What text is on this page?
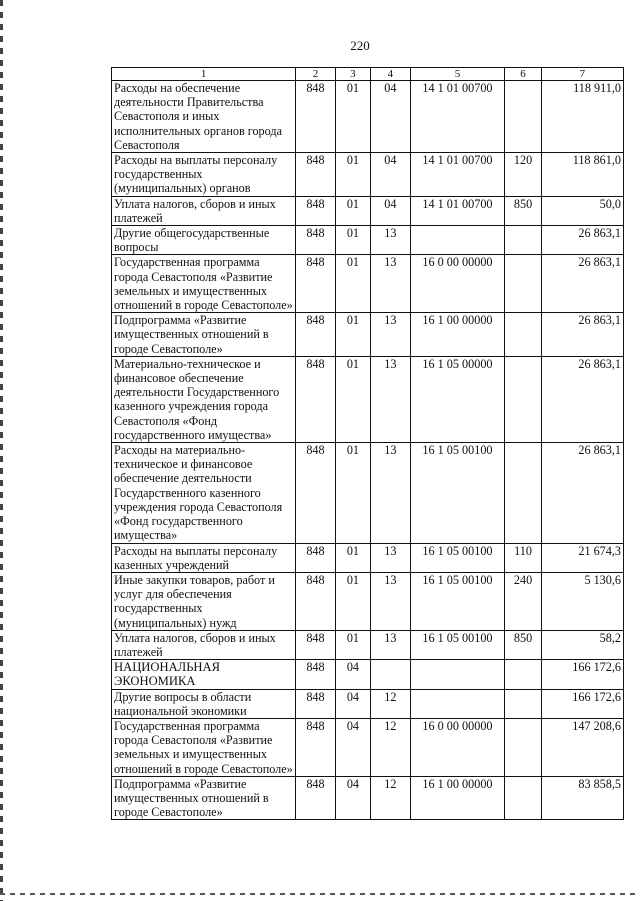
220
1	2	3	4	5	6	7
Расходы на обеспечение деятельности Правительства Севастополя и иных исполнительных органов города Севастополя	848	01	04	14 1 01 00700		118 911,0
Расходы на выплаты персоналу государственных (муниципальных) органов	848	01	04	14 1 01 00700	120	118 861,0
Уплата налогов, сборов и иных платежей	848	01	04	14 1 01 00700	850	50,0
Другие общегосударственные вопросы	848	01	13			26 863,1
Государственная программа города Севастополя «Развитие земельных и имущественных отношений в городе Севастополе»	848	01	13	16 0 00 00000		26 863,1
Подпрограмма «Развитие имущественных отношений в городе Севастополе»	848	01	13	16 1 00 00000		26 863,1
Материально-техническое и финансовое обеспечение деятельности Государственного казенного учреждения города Севастополя «Фонд государственного имущества»	848	01	13	16 1 05 00000		26 863,1
Расходы на материально-техническое и финансовое обеспечение деятельности Государственного казенного учреждения города Севастополя «Фонд государственного имущества»	848	01	13	16 1 05 00100		26 863,1
Расходы на выплаты персоналу казенных учреждений	848	01	13	16 1 05 00100	110	21 674,3
Иные закупки товаров, работ и услуг для обеспечения государственных (муниципальных) нужд	848	01	13	16 1 05 00100	240	5 130,6
Уплата налогов, сборов и иных платежей	848	01	13	16 1 05 00100	850	58,2
НАЦИОНАЛЬНАЯ ЭКОНОМИКА	848	04				166 172,6
Другие вопросы в области национальной экономики	848	04	12			166 172,6
Государственная программа города Севастополя «Развитие земельных и имущественных отношений в городе Севастополе»	848	04	12	16 0 00 00000		147 208,6
Подпрограмма «Развитие имущественных отношений в городе Севастополе»	848	04	12	16 1 00 00000		83 858,5
